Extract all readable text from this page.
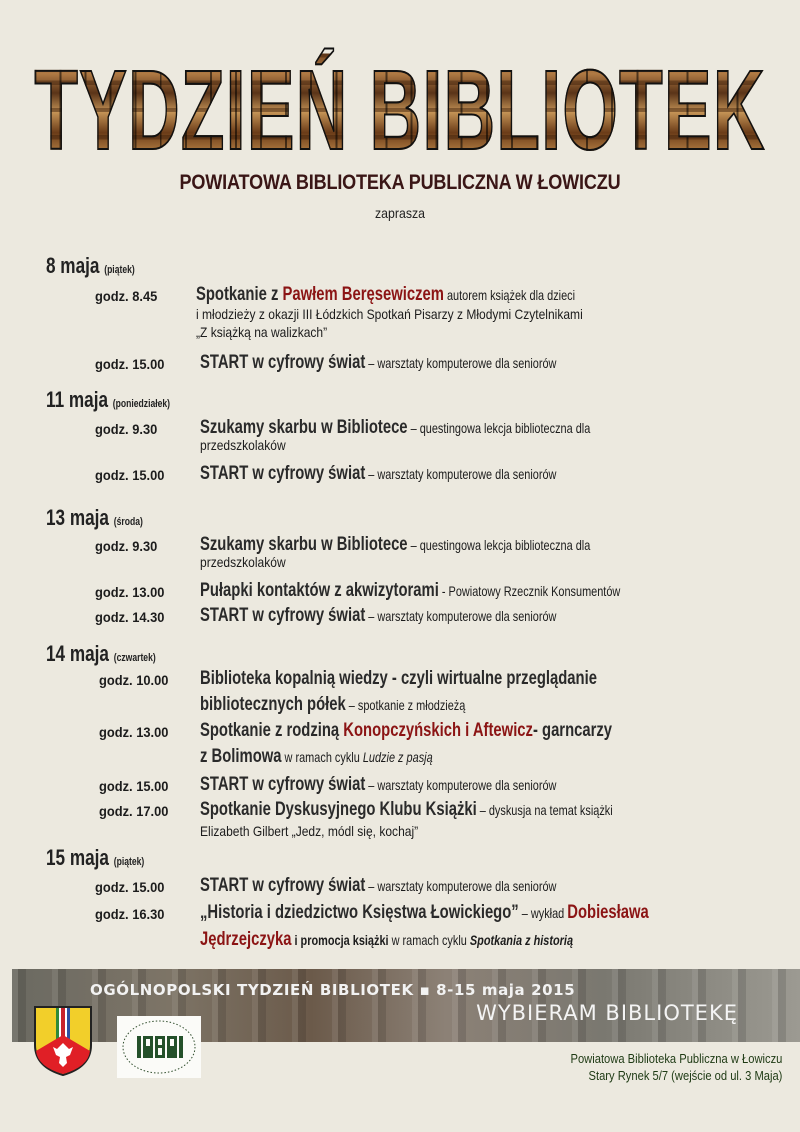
TYDZIEŃ BIBLIOTEK
POWIATOWA BIBLIOTEKA PUBLICZNA W ŁOWICZU
zaprasza
8 maja (piątek)
godz. 8.45 Spotkanie z Pawłem Beręsewiczem autorem książek dla dzieci
i młodzieży z okazji III Łódzkich Spotkań Pisarzy z Młodymi Czytelnikami
„Z książką na walizkach”
godz. 15.00 START w cyfrowy świat – warsztaty komputerowe dla seniorów
11 maja (poniedziałek)
godz. 9.30 Szukamy skarbu w Bibliotece – questingowa lekcja biblioteczna dla
przedszkolaków
godz. 15.00 START w cyfrowy świat – warsztaty komputerowe dla seniorów
13 maja (środa)
godz. 9.30 Szukamy skarbu w Bibliotece – questingowa lekcja biblioteczna dla
przedszkolaków
godz. 13.00 Pułapki kontaktów z akwizytorami - Powiatowy Rzecznik Konsumentów
godz. 14.30 START w cyfrowy świat – warsztaty komputerowe dla seniorów
14 maja (czwartek)
godz. 10.00 Biblioteka kopalnią wiedzy - czyli wirtualne przeglądanie
bibliotecznych półek – spotkanie z młodzieżą
godz. 13.00 Spotkanie z rodziną Konopczyńskich i Aftewicz- garncarzy
z Bolimowa w ramach cyklu Ludzie z pasją
godz. 15.00 START w cyfrowy świat – warsztaty komputerowe dla seniorów
godz. 17.00 Spotkanie Dyskusyjnego Klubu Książki – dyskusja na temat książki
Elizabeth Gilbert „Jedz, módl się, kochaj”
15 maja (piątek)
godz. 15.00 START w cyfrowy świat – warsztaty komputerowe dla seniorów
godz. 16.30 „Historia i dziedzictwo Księstwa Łowickiego” – wykład Dobiesława
Jędrzejczyka i promocja książki w ramach cyklu Spotkania z historią
OGÓLNOPOLSKI TYDZIEŃ BIBLIOTEK ▪ 8-15 maja 2015
WYBIERAM BIBLIOTEKĘ
Powiatowa Biblioteka Publiczna w Łowiczu
Stary Rynek 5/7 (wejście od ul. 3 Maja)
